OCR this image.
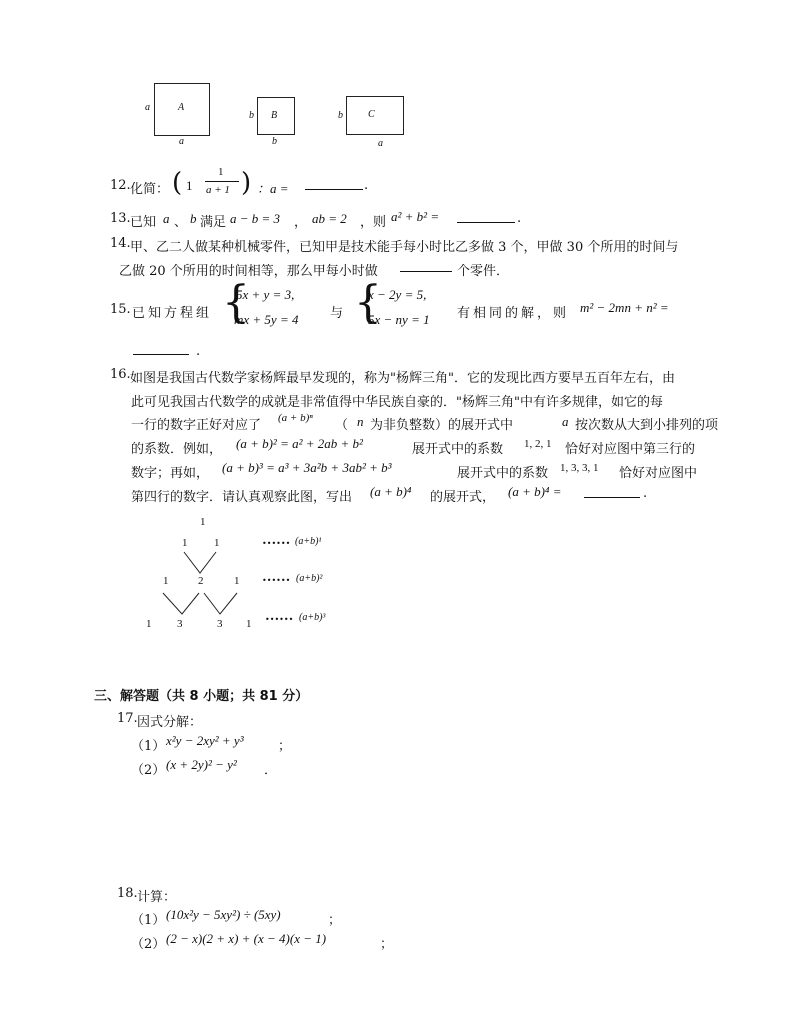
A
a
a
B
b
b
C
b
a
12. 化简： ( 1
1
a + 1 ) ：a =	.
13. 已知 a 、 b 满足 a − b = 3 ， ab = 2 ，则 a² + b² =	.
14. 甲、乙二人做某种机械零件，已知甲是技术能手每小时比乙多做 3 个，甲做 30 个所用的时间与
乙做 20 个所用的时间相等，那么甲每小时做	个零件．
15. 已知方程组 {
5x + y = 3,
mx + 5y = 4 与 {
x − 2y = 5,
5x − ny = 1 有相同的解，则 m² − 2mn + n² =
.
16. 如图是我国古代数学家杨辉最早发现的，称为"杨辉三角"．它的发现比西方要早五百年左右，由
此可见我国古代数学的成就是非常值得中华民族自豪的．"杨辉三角"中有许多规律，如它的每
一行的数字正好对应了 (a + b)ⁿ （ n 为非负整数）的展开式中	a 按次数从大到小排列的项
的系数．例如， (a + b)² = a² + 2ab + b²	展开式中的系数 1, 2, 1 恰好对应图中第三行的
数字；再如， (a + b)³ = a³ + 3a²b + 3ab² + b³	展开式中的系数 1, 3, 3, 1 恰好对应图中
第四行的数字．请认真观察此图，写出 (a + b)⁴ 的展开式， (a + b)⁴ =	.
1
1 1	•••••• (a+b)¹
1	2	1	•••••• (a+b)²
1 3	3 1 •••••• (a+b)³
三、解答题（共 8 小题；共 81 分）
17. 因式分解：
（1） x²y − 2xy² + y³	；
（2） (x + 2y)² − y² ．
18. 计算：
（1） (10x²y − 5xy²) ÷ (5xy)	；
（2） (2 − x)(2 + x) + (x − 4)(x − 1)	；
